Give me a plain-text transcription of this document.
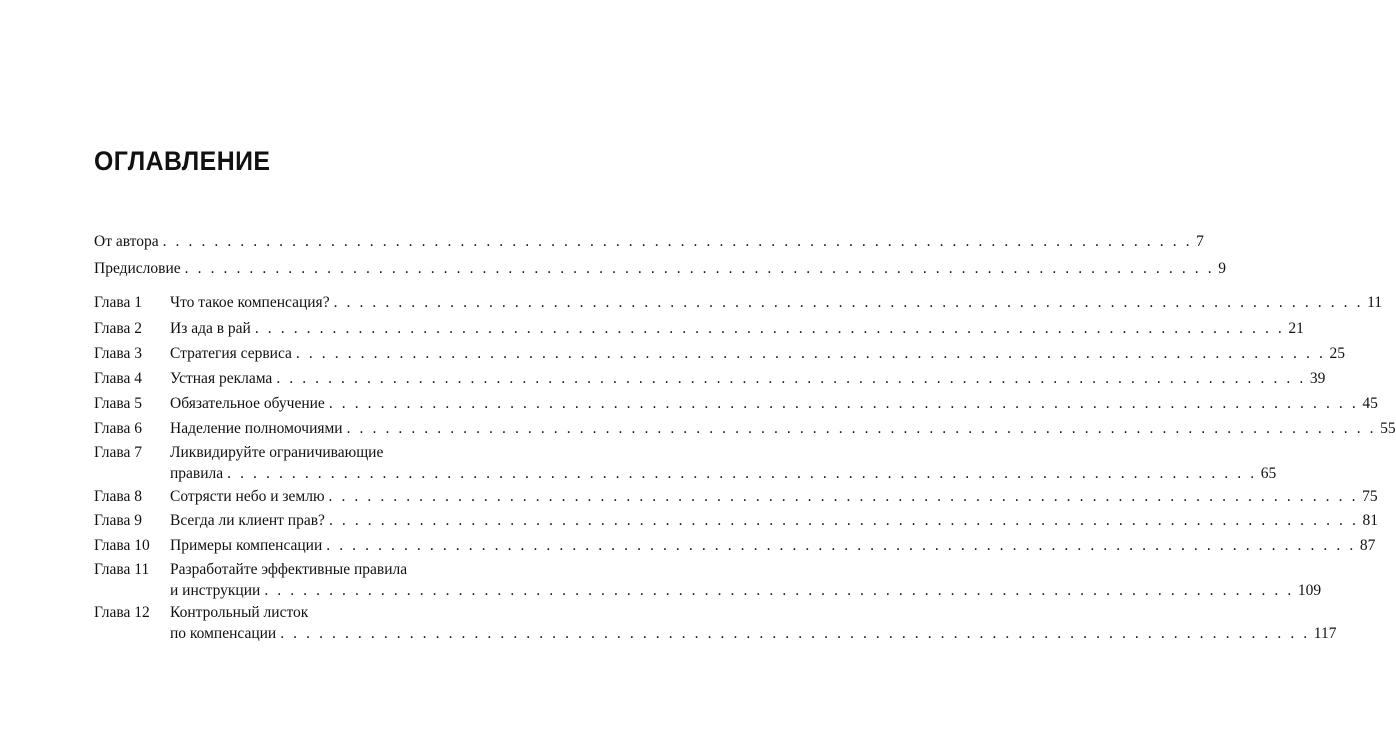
ОГЛАВЛЕНИЕ
От автора . . .	7
Предисловие . . .	9
Глава 1	Что такое компенсация? . . .	11
Глава 2	Из ада в рай . . .	21
Глава 3	Стратегия сервиса . . .	25
Глава 4	Устная реклама . . .	39
Глава 5	Обязательное обучение . . .	45
Глава 6	Наделение полномочиями . . .	55
Глава 7	Ликвидируйте ограничивающие
правила . . .	65
Глава 8	Сотрясти небо и землю . . .	75
Глава 9	Всегда ли клиент прав? . . .	81
Глава 10	Примеры компенсации . . .	87
Глава 11	Разработайте эффективные правила
и инструкции . . .	109
Глава 12	Контрольный листок
по компенсации . . .	117
